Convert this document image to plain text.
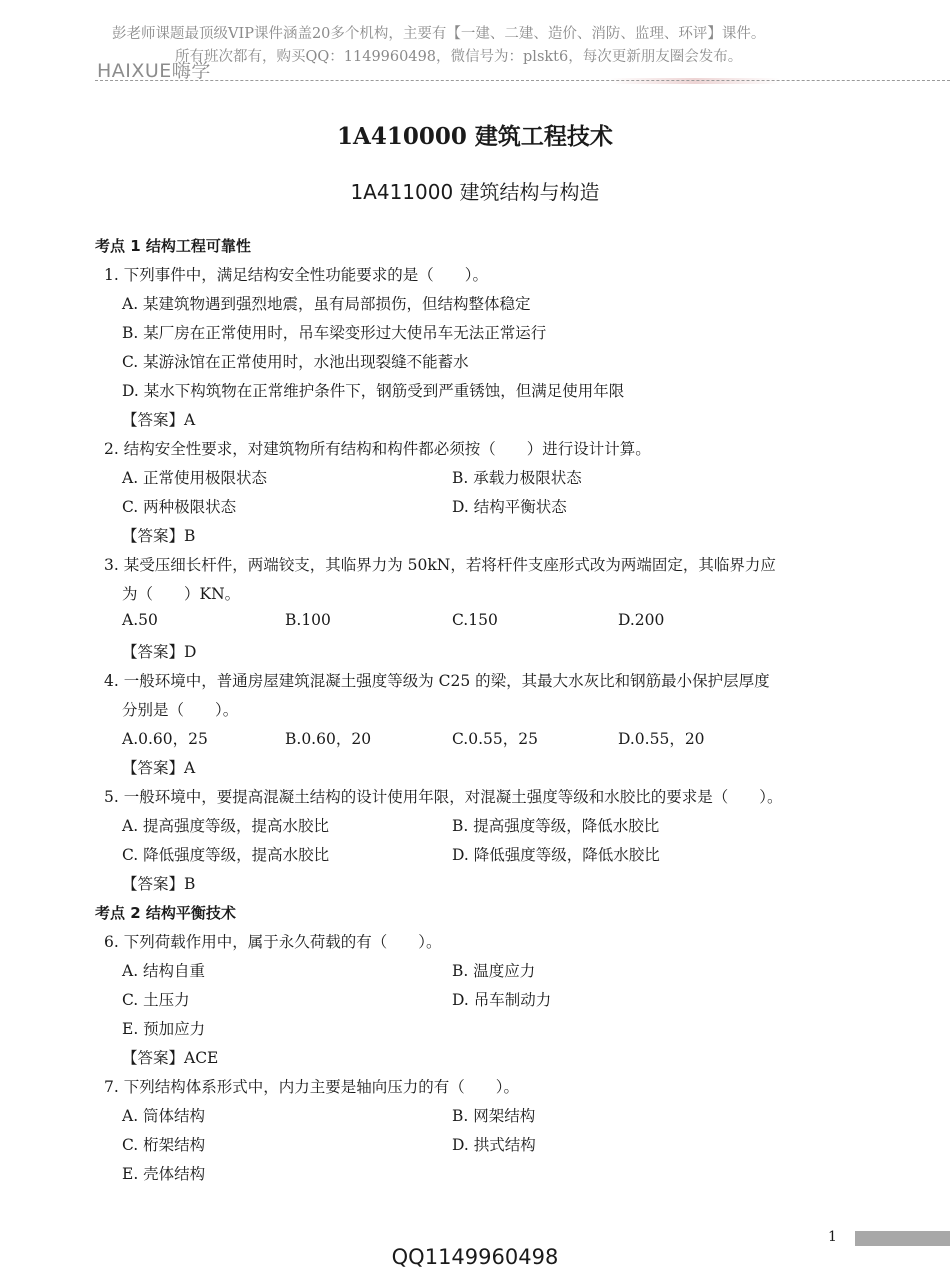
彭老师课题最顶级VIP课件涵盖20多个机构，主要有【一建、二建、造价、消防、监理、环评】课件。
所有班次都有，购买QQ：1149960498，微信号为：plskt6，每次更新朋友圈会发布。
HAIXUE嗨学
1A410000 建筑工程技术
1A411000 建筑结构与构造
考点 1 结构工程可靠性
1. 下列事件中，满足结构安全性功能要求的是（　　）。
A. 某建筑物遇到强烈地震，虽有局部损伤，但结构整体稳定
B. 某厂房在正常使用时，吊车梁变形过大使吊车无法正常运行
C. 某游泳馆在正常使用时，水池出现裂缝不能蓄水
D. 某水下构筑物在正常维护条件下，钢筋受到严重锈蚀，但满足使用年限
【答案】A
2. 结构安全性要求，对建筑物所有结构和构件都必须按（　　）进行设计计算。
A. 正常使用极限状态	B. 承载力极限状态
C. 两种极限状态	D. 结构平衡状态
【答案】B
3. 某受压细长杆件，两端铰支，其临界力为 50kN，若将杆件支座形式改为两端固定，其临界力应
为（　　）KN。
A.50	B.100	C.150	D.200
【答案】D
4. 一般环境中，普通房屋建筑混凝土强度等级为 C25 的梁，其最大水灰比和钢筋最小保护层厚度
分别是（　　）。
A.0.60，25	B.0.60，20	C.0.55，25	D.0.55，20
【答案】A
5. 一般环境中，要提高混凝土结构的设计使用年限，对混凝土强度等级和水胶比的要求是（　　）。
A. 提高强度等级，提高水胶比	B. 提高强度等级，降低水胶比
C. 降低强度等级，提高水胶比	D. 降低强度等级，降低水胶比
【答案】B
考点 2 结构平衡技术
6. 下列荷载作用中，属于永久荷载的有（　　）。
A. 结构自重	B. 温度应力
C. 土压力	D. 吊车制动力
E. 预加应力
【答案】ACE
7. 下列结构体系形式中，内力主要是轴向压力的有（　　）。
A. 筒体结构	B. 网架结构
C. 桁架结构	D. 拱式结构
E. 壳体结构
1
QQ1149960498
